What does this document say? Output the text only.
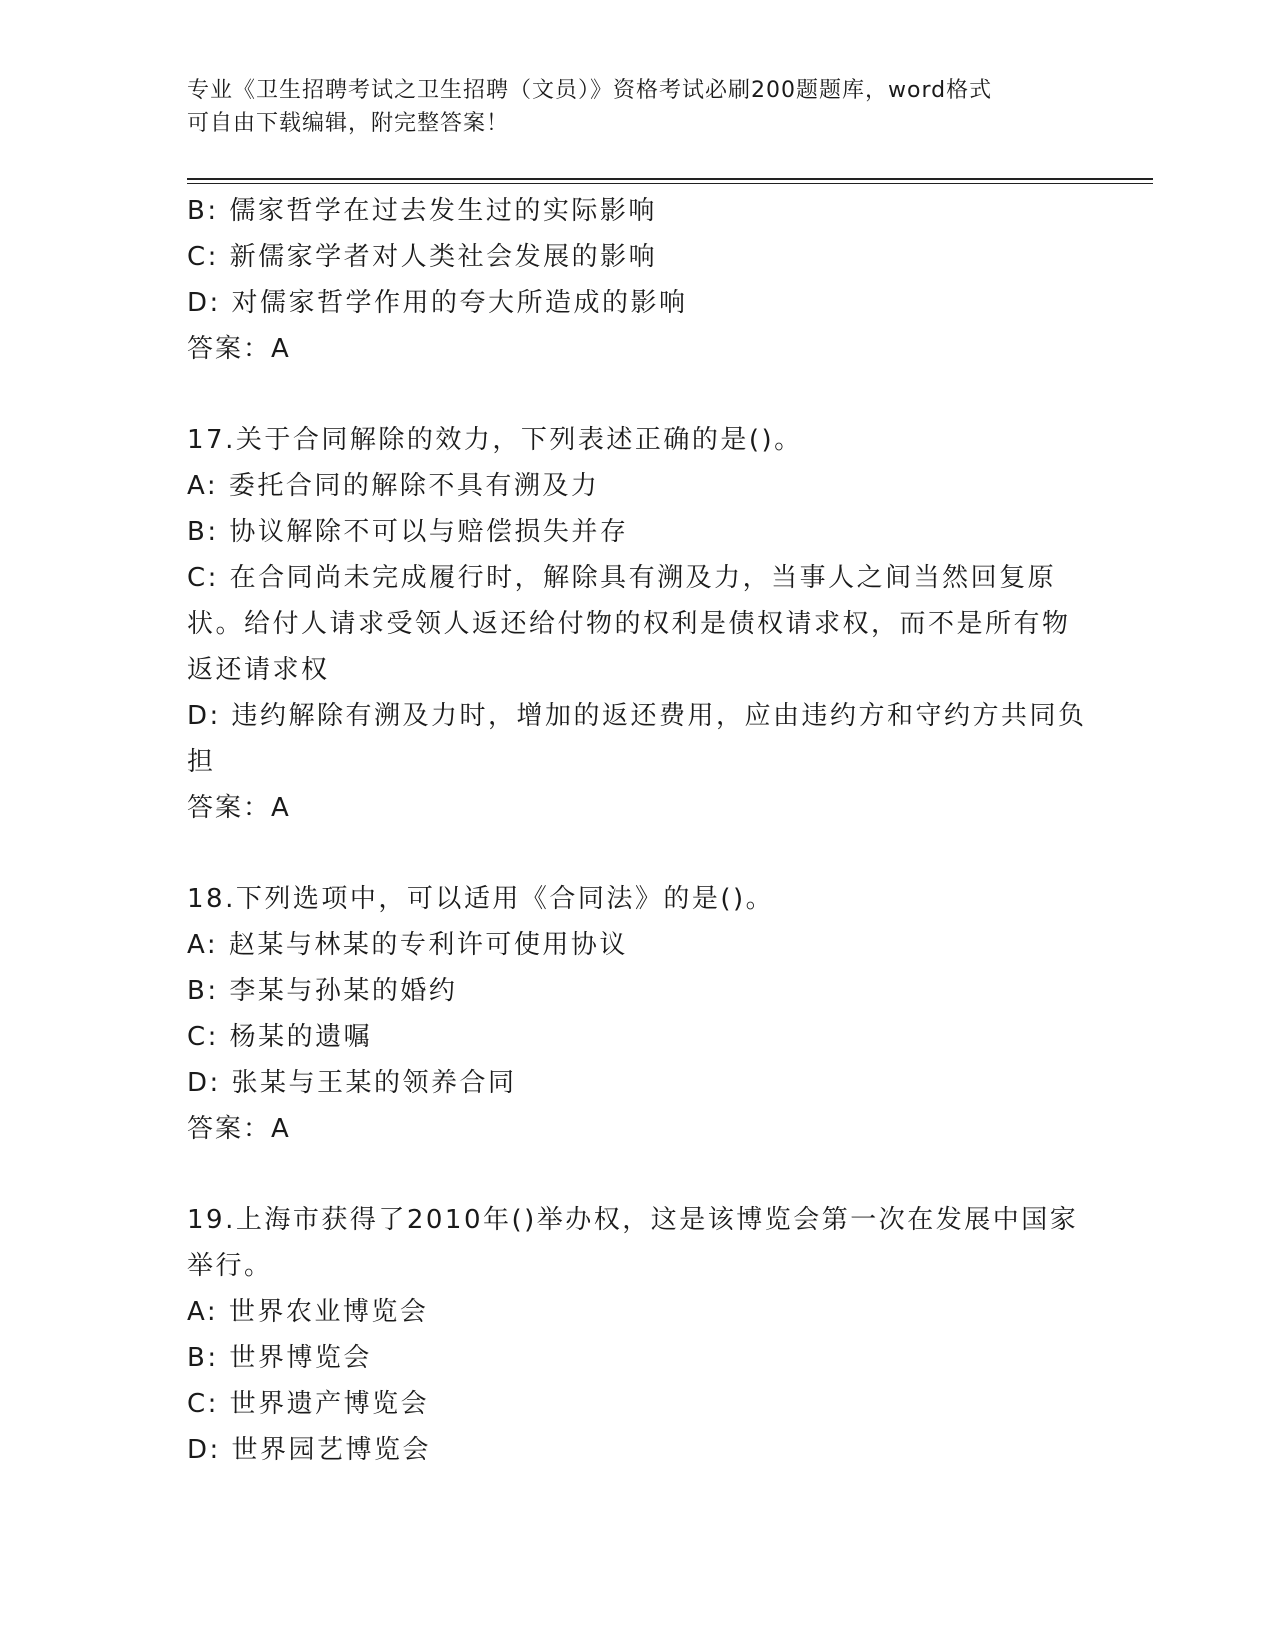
专业《卫生招聘考试之卫生招聘（文员）》资格考试必刷200题题库，word格式
可自由下载编辑，附完整答案！
B: 儒家哲学在过去发生过的实际影响
C: 新儒家学者对人类社会发展的影响
D: 对儒家哲学作用的夸大所造成的影响
答案：A
17.关于合同解除的效力，下列表述正确的是()。
A: 委托合同的解除不具有溯及力
B: 协议解除不可以与赔偿损失并存
C: 在合同尚未完成履行时，解除具有溯及力，当事人之间当然回复原状。给付人请求受领人返还给付物的权利是债权请求权，而不是所有物返还请求权
D: 违约解除有溯及力时，增加的返还费用，应由违约方和守约方共同负担
答案：A
18.下列选项中，可以适用《合同法》的是()。
A: 赵某与林某的专利许可使用协议
B: 李某与孙某的婚约
C: 杨某的遗嘱
D: 张某与王某的领养合同
答案：A
19.上海市获得了2010年()举办权，这是该博览会第一次在发展中国家举行。
A: 世界农业博览会
B: 世界博览会
C: 世界遗产博览会
D: 世界园艺博览会
